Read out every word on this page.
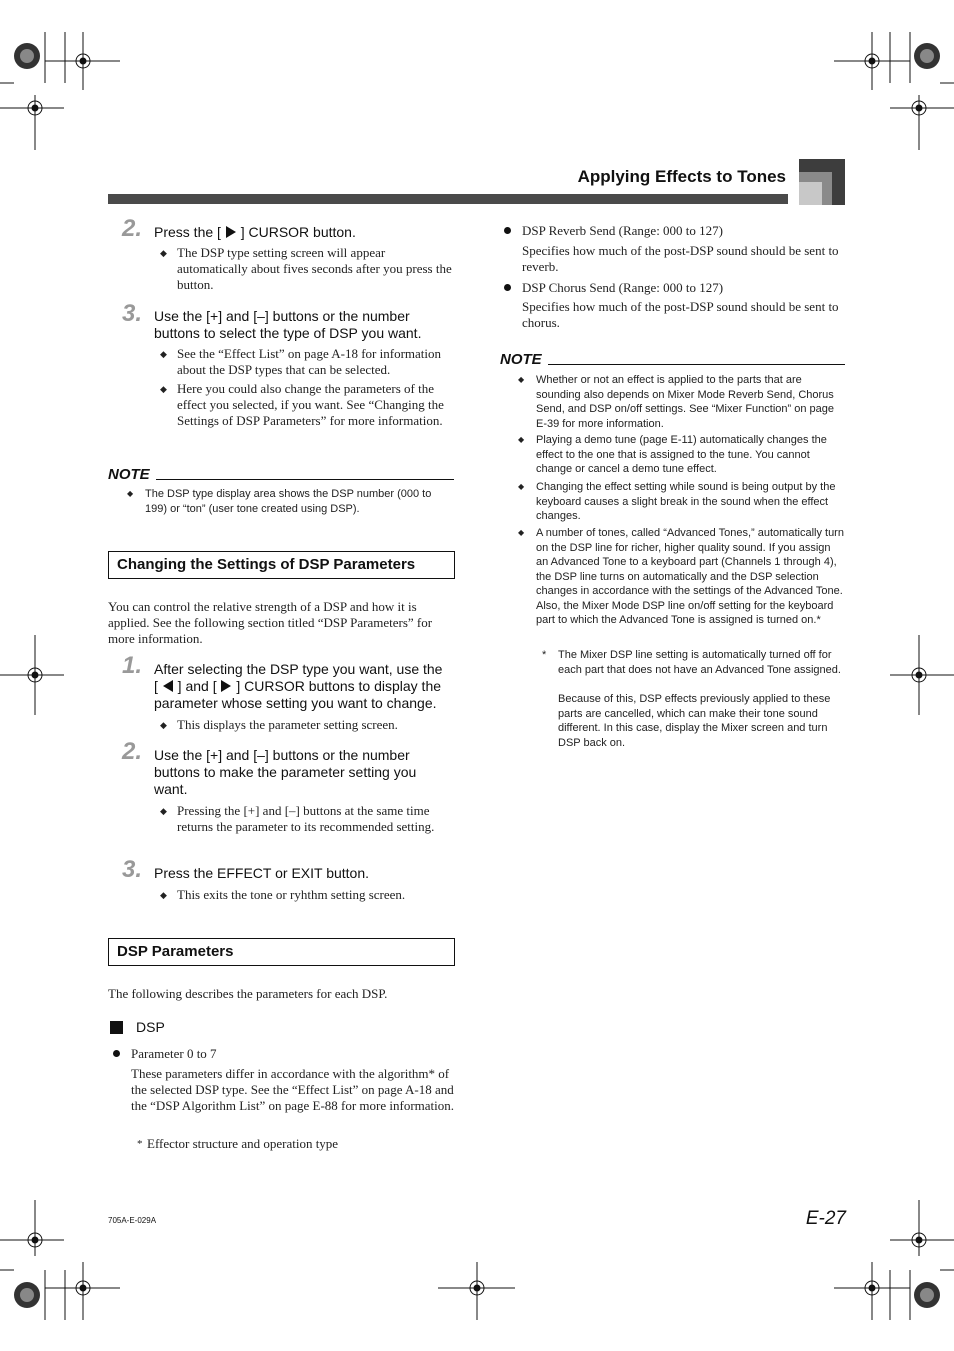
Applying Effects to Tones
2. Press the [ ] CURSOR button.
◆ The DSP type setting screen will appear automatically about fives seconds after you press the button.
3. Use the [+] and [–] buttons or the number buttons to select the type of DSP you want.
◆ See the “Effect List” on page A-18 for information about the DSP types that can be selected.
◆ Here you could also change the parameters of the effect you selected, if you want. See “Changing the Settings of DSP Parameters” for more information.
NOTE
◆ The DSP type display area shows the DSP number (000 to 199) or “ton” (user tone created using DSP).
Changing the Settings of DSP Parameters
You can control the relative strength of a DSP and how it is applied. See the following section titled “DSP Parameters” for more information.
1. After selecting the DSP type you want, use the
[ ] and [ ] CURSOR buttons to display the
parameter whose setting you want to change.
◆ This displays the parameter setting screen.
2. Use the [+] and [–] buttons or the number buttons to make the parameter setting you want.
◆ Pressing the [+] and [–] buttons at the same time returns the parameter to its recommended setting.
3. Press the EFFECT or EXIT button.
◆ This exits the tone or ryhthm setting screen.
DSP Parameters
The following describes the parameters for each DSP.
DSP
Parameter 0 to 7
These parameters differ in accordance with the algorithm* of the selected DSP type. See the “Effect List” on page A-18 and the “DSP Algorithm List” on page E-88 for more information.
* Effector structure and operation type
DSP Reverb Send (Range: 000 to 127)
Specifies how much of the post-DSP sound should be sent to reverb.
DSP Chorus Send (Range: 000 to 127)
Specifies how much of the post-DSP sound should be sent to chorus.
NOTE
◆ Whether or not an effect is applied to the parts that are sounding also depends on Mixer Mode Reverb Send, Chorus Send, and DSP on/off settings. See “Mixer Function” on page E-39 for more information.
◆ Playing a demo tune (page E-11) automatically changes the effect to the one that is assigned to the tune. You cannot change or cancel a demo tune effect.
◆ Changing the effect setting while sound is being output by the keyboard causes a slight break in the sound when the effect changes.
◆ A number of tones, called “Advanced Tones,” automatically turn on the DSP line for richer, higher quality sound. If you assign an Advanced Tone to a keyboard part (Channels 1 through 4), the DSP line turns on automatically and the DSP selection changes in accordance with the settings of the Advanced Tone. Also, the Mixer Mode DSP line on/off setting for the keyboard part to which the Advanced Tone is assigned is turned on.*
* The Mixer DSP line setting is automatically turned off for each part that does not have an Advanced Tone assigned.
Because of this, DSP effects previously applied to these parts are cancelled, which can make their tone sound different. In this case, display the Mixer screen and turn DSP back on.
705A-E-029A	E-27
